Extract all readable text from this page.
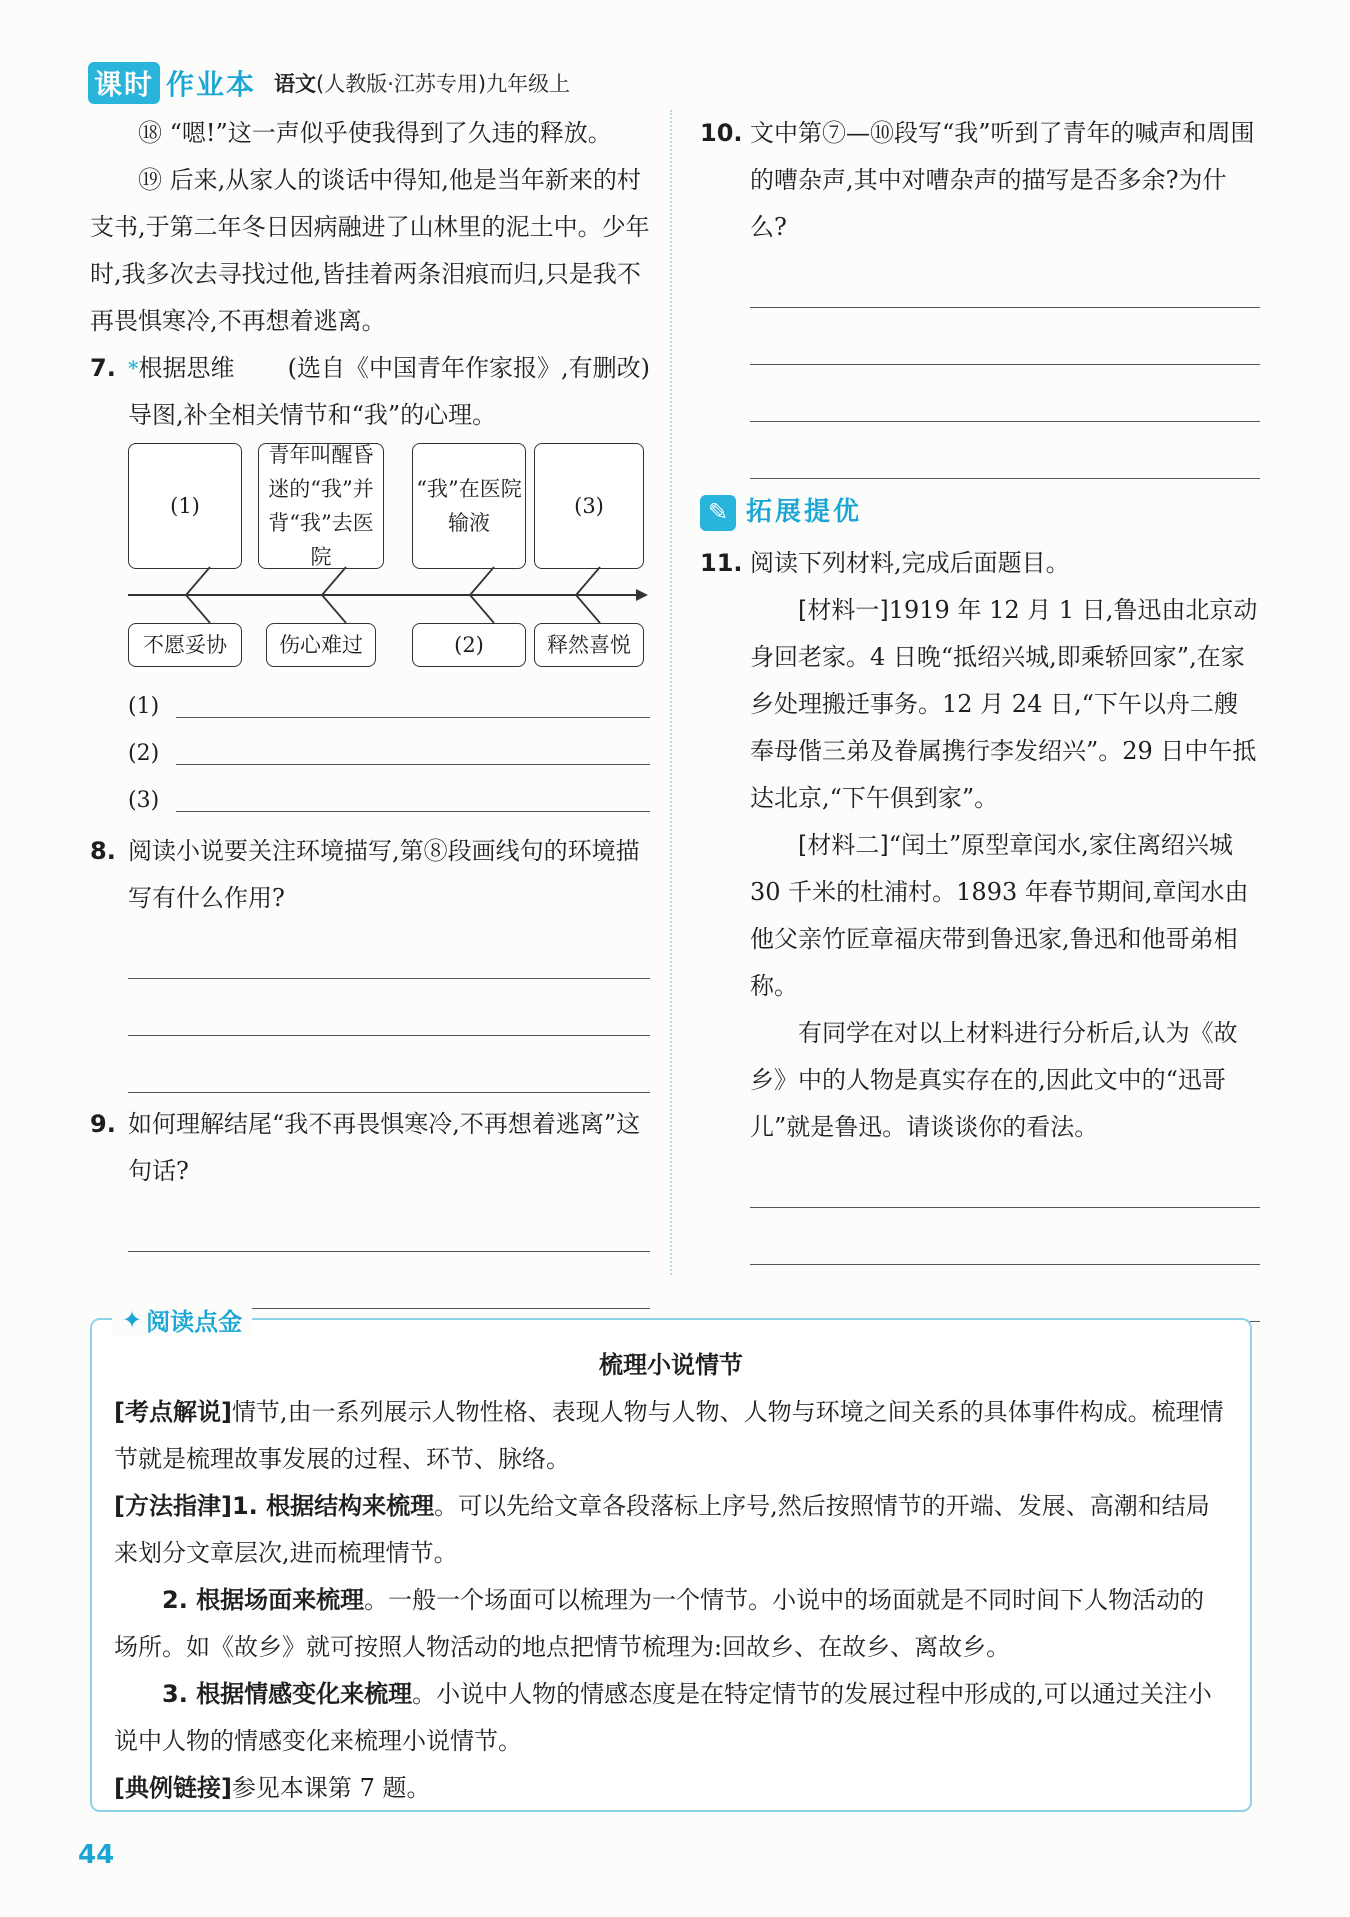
课时 作业本 语文(人教版·江苏专用)九年级上

⑱ “嗯!”这一声似乎使我得到了久违的释放。

⑲ 后来,从家人的谈话中得知,他是当年新来的村支书,于第二年冬日因病融进了山林里的泥土中。少年时,我多次去寻找过他,皆挂着两条泪痕而归,只是我不再畏惧寒冷,不再想着逃离。
(选自《中国青年作家报》,有删改)

7. *根据思维导图,补全相关情节和“我”的心理。

(1)
青年叫醒昏迷的“我”并背“我”去医院
“我”在医院输液
(3)
不愿妥协	伤心难过	(2)	释然喜悦
(1)
(2)
(3)

8. 阅读小说要关注环境描写,第⑧段画线句的环境描写有什么作用?

9. 如何理解结尾“我不再畏惧寒冷,不再想着逃离”这句话?

10. 文中第⑦—⑩段写“我”听到了青年的喊声和周围的嘈杂声,其中对嘈杂声的描写是否多余?为什么?

✎ 拓展提优

11. 阅读下列材料,完成后面题目。

[材料一]1919 年 12 月 1 日,鲁迅由北京动身回老家。4 日晚“抵绍兴城,即乘轿回家”,在家乡处理搬迁事务。12 月 24 日,“下午以舟二艘奉母偕三弟及眷属携行李发绍兴”。29 日中午抵达北京,“下午俱到家”。

[材料二]“闰土”原型章闰水,家住离绍兴城 30 千米的杜浦村。1893 年春节期间,章闰水由他父亲竹匠章福庆带到鲁迅家,鲁迅和他哥弟相称。

有同学在对以上材料进行分析后,认为《故乡》中的人物是真实存在的,因此文中的“迅哥儿”就是鲁迅。请谈谈你的看法。

✦ 阅读点金

梳理小说情节

[考点解说]情节,由一系列展示人物性格、表现人物与人物、人物与环境之间关系的具体事件构成。梳理情节就是梳理故事发展的过程、环节、脉络。

[方法指津]1. 根据结构来梳理。可以先给文章各段落标上序号,然后按照情节的开端、发展、高潮和结局来划分文章层次,进而梳理情节。

2. 根据场面来梳理。一般一个场面可以梳理为一个情节。小说中的场面就是不同时间下人物活动的场所。如《故乡》就可按照人物活动的地点把情节梳理为:回故乡、在故乡、离故乡。

3. 根据情感变化来梳理。小说中人物的情感态度是在特定情节的发展过程中形成的,可以通过关注小说中人物的情感变化来梳理小说情节。

[典例链接]参见本课第 7 题。

44
